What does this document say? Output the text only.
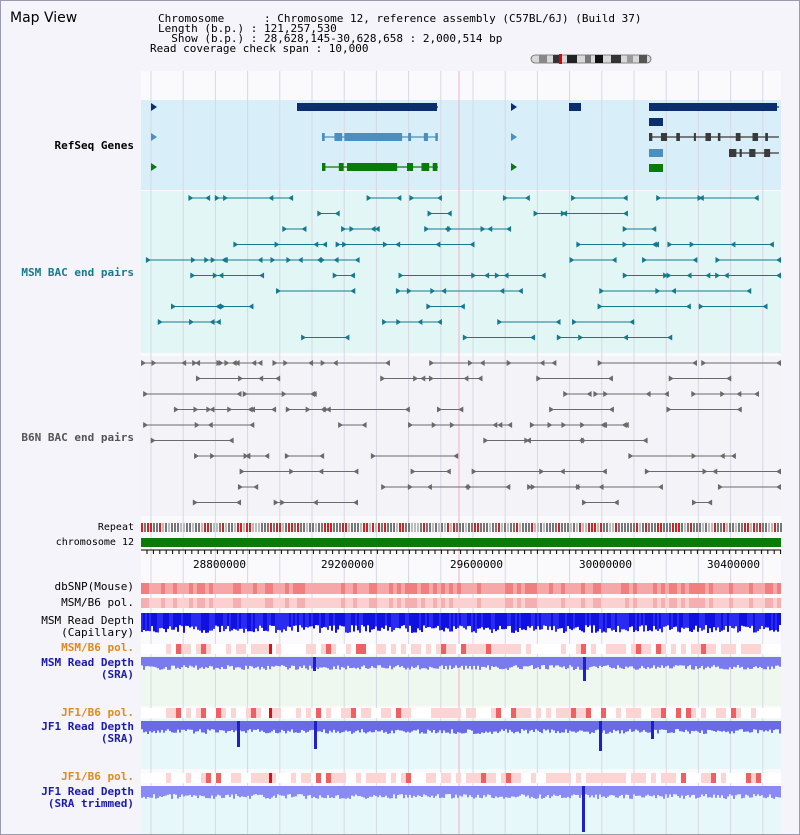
Map View	Chromosome      : Chromosome 12, reference assembly (C57BL/6J) (Build 37)
Length (b.p.) : 121,257,530
Show (b.p.) : 28,628,145-30,628,658 : 2,000,514 bp
Read coverage check span : 10,000
RefSeq Genes
MSM BAC end pairs
B6N BAC end pairs
Repeat
chromosome 12
dbSNP(Mouse)
MSM/B6 pol.
MSM Read Depth
(Capillary)
MSM/B6 pol.
MSM Read Depth
(SRA)
JF1/B6 pol.
JF1 Read Depth
(SRA)
JF1/B6 pol.
JF1 Read Depth
(SRA trimmed)
28800000	29200000	29600000	30000000	30400000
